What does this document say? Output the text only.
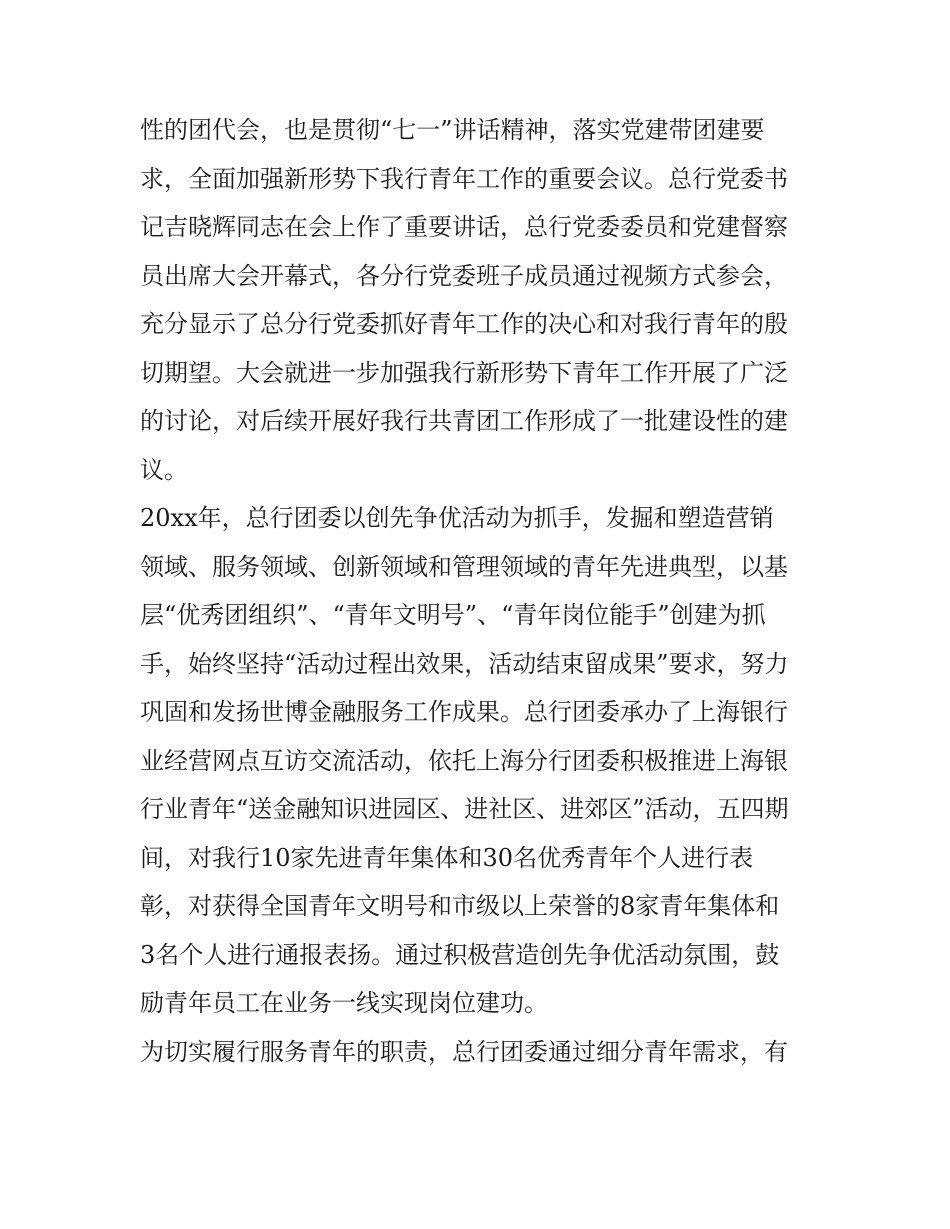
性的团代会，也是贯彻“七一”讲话精神，落实党建带团建要
求，全面加强新形势下我行青年工作的重要会议。总行党委书
记吉晓辉同志在会上作了重要讲话，总行党委委员和党建督察
员出席大会开幕式，各分行党委班子成员通过视频方式参会，
充分显示了总分行党委抓好青年工作的决心和对我行青年的殷
切期望。大会就进一步加强我行新形势下青年工作开展了广泛
的讨论，对后续开展好我行共青团工作形成了一批建设性的建
议。
20xx年，总行团委以创先争优活动为抓手，发掘和塑造营销
领域、服务领域、创新领域和管理领域的青年先进典型，以基
层“优秀团组织”、“青年文明号”、“青年岗位能手”创建为抓
手，始终坚持“活动过程出效果，活动结束留成果”要求，努力
巩固和发扬世博金融服务工作成果。总行团委承办了上海银行
业经营网点互访交流活动，依托上海分行团委积极推进上海银
行业青年“送金融知识进园区、进社区、进郊区”活动，五四期
间，对我行10家先进青年集体和30名优秀青年个人进行表
彰，对获得全国青年文明号和市级以上荣誉的8家青年集体和
3名个人进行通报表扬。通过积极营造创先争优活动氛围，鼓
励青年员工在业务一线实现岗位建功。
为切实履行服务青年的职责，总行团委通过细分青年需求，有
